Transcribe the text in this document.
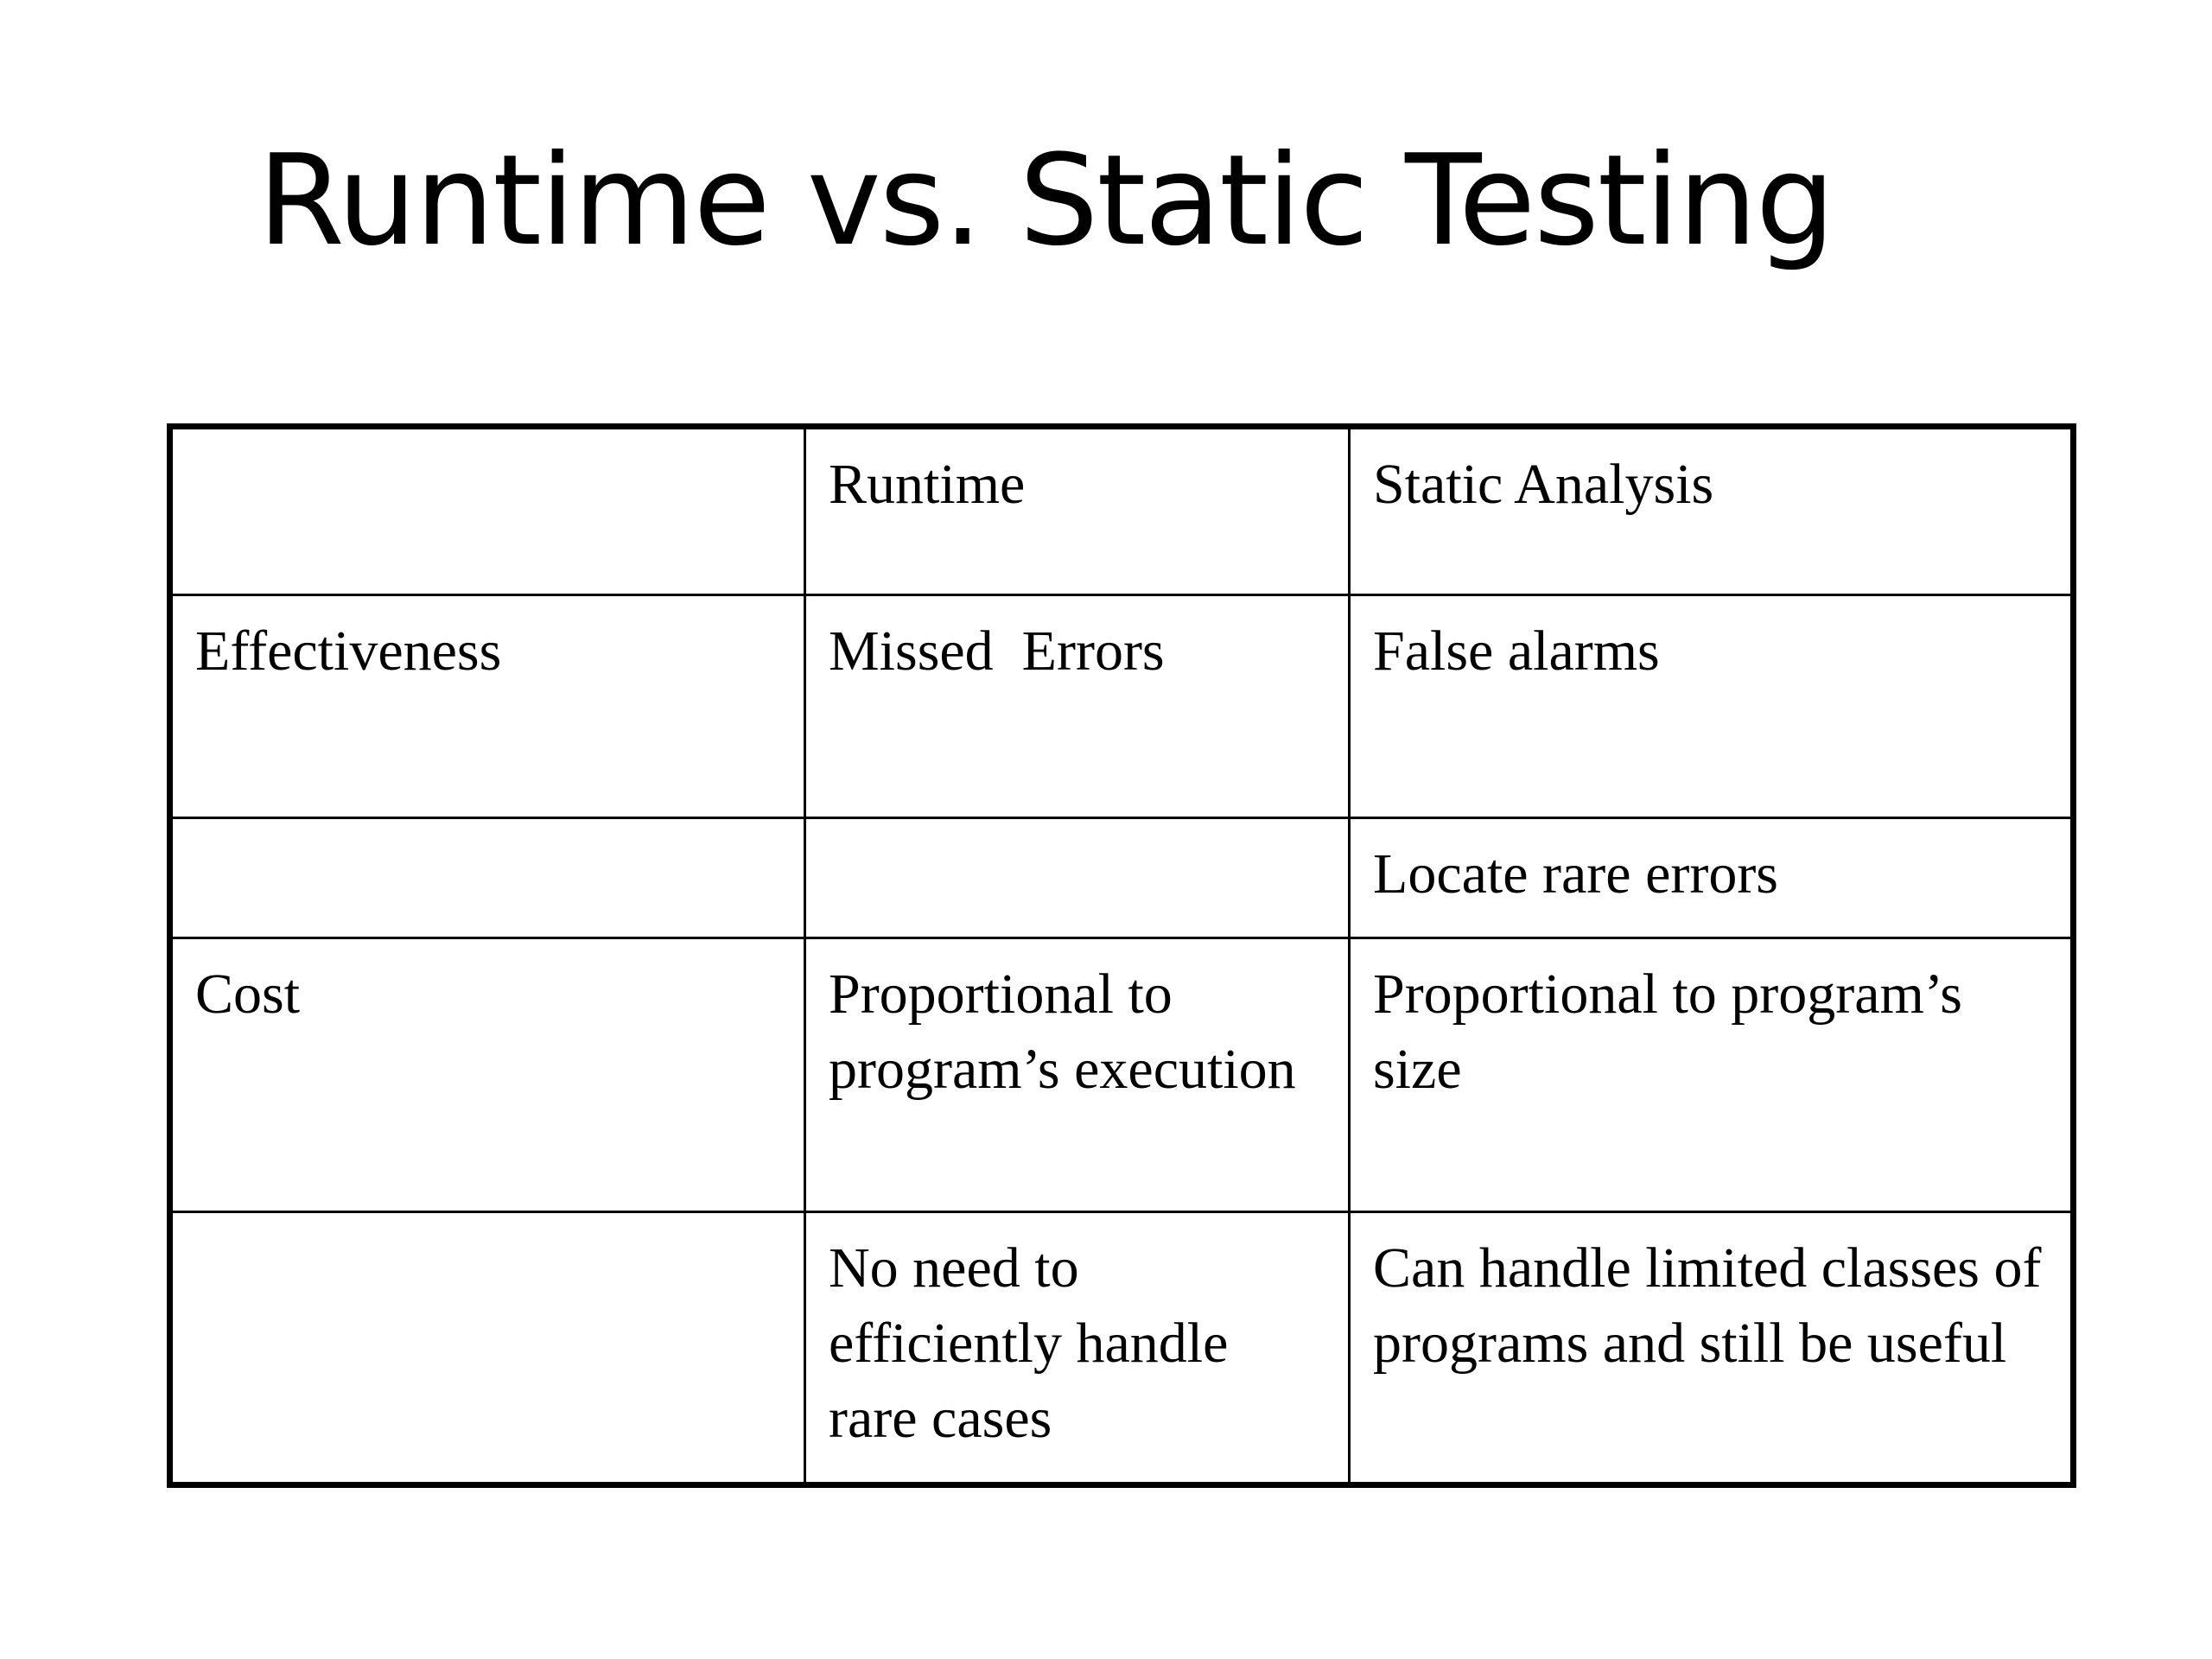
Runtime vs. Static Testing
	Runtime	Static Analysis
Effectiveness	Missed  Errors	False alarms
		Locate rare errors
Cost	Proportional to program’s execution	Proportional to program’s size
	No need to efficiently handle rare cases	Can handle limited classes of programs and still be useful
